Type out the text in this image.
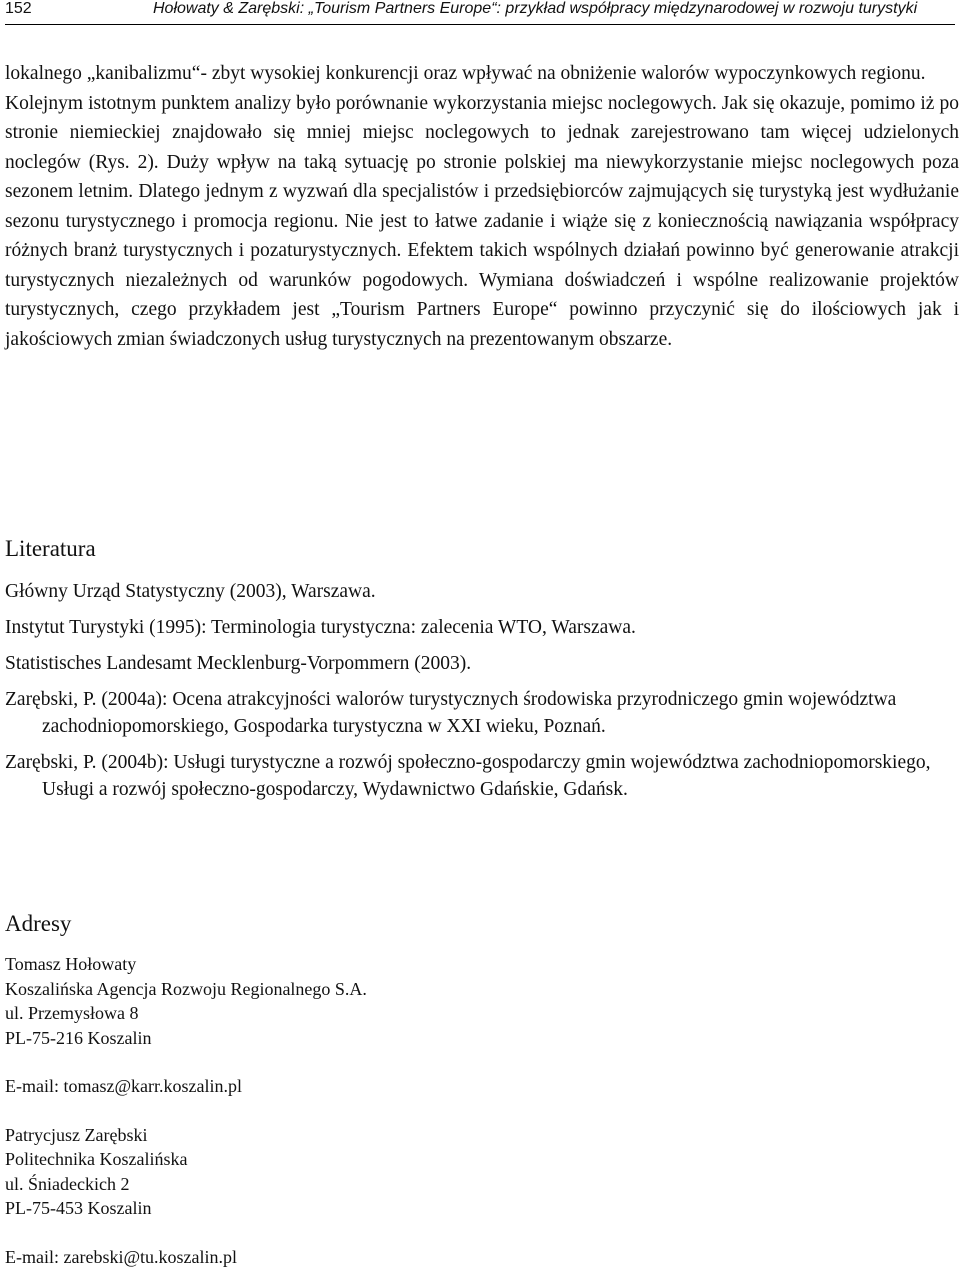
152	Hołowaty & Zarębski: „Tourism Partners Europe“: przykład współpracy międzynarodowej w rozwoju turystyki

lokalnego „kanibalizmu“- zbyt wysokiej konkurencji oraz wpływać na obniżenie walorów wypoczynkowych regionu.

Kolejnym istotnym punktem analizy było porównanie wykorzystania miejsc noclegowych. Jak się okazuje, pomimo iż po stronie niemieckiej znajdowało się mniej miejsc noclegowych to jednak zarejestrowano tam więcej udzielonych noclegów (Rys. 2). Duży wpływ na taką sytuację po stronie polskiej ma niewykorzystanie miejsc noclegowych poza sezonem letnim. Dlatego jednym z wyzwań dla specjalistów i przedsiębiorców zajmujących się turystyką jest wydłużanie sezonu turystycznego i promocja regionu. Nie jest to łatwe zadanie i wiąże się z koniecznością nawiązania współpracy różnych branż turystycznych i pozaturystycznych. Efektem takich wspólnych działań powinno być generowanie atrakcji turystycznych niezależnych od warunków pogodowych. Wymiana doświadczeń i wspólne realizowanie projektów turystycznych, czego przykładem jest „Tourism Partners Europe“ powinno przyczynić się do ilościowych jak i jakościowych zmian świadczonych usług turystycznych na prezentowanym obszarze.

Literatura

Główny Urząd Statystyczny (2003), Warszawa.

Instytut Turystyki (1995): Terminologia turystyczna: zalecenia WTO, Warszawa.

Statistisches Landesamt Mecklenburg-Vorpommern (2003).

Zarębski, P. (2004a): Ocena atrakcyjności walorów turystycznych środowiska przyrodniczego gmin województwa zachodniopomorskiego, Gospodarka turystyczna w XXI wieku, Poznań.

Zarębski, P. (2004b): Usługi turystyczne a rozwój społeczno-gospodarczy gmin województwa zachodniopomorskiego, Usługi a rozwój społeczno-gospodarczy, Wydawnictwo Gdańskie, Gdańsk.

Adresy
Tomasz Hołowaty
Koszalińska Agencja Rozwoju Regionalnego S.A.
ul. Przemysłowa 8
PL-75-216 Koszalin
E-mail: tomasz@karr.koszalin.pl
Patrycjusz Zarębski
Politechnika Koszalińska
ul. Śniadeckich 2
PL-75-453 Koszalin
E-mail: zarebski@tu.koszalin.pl
